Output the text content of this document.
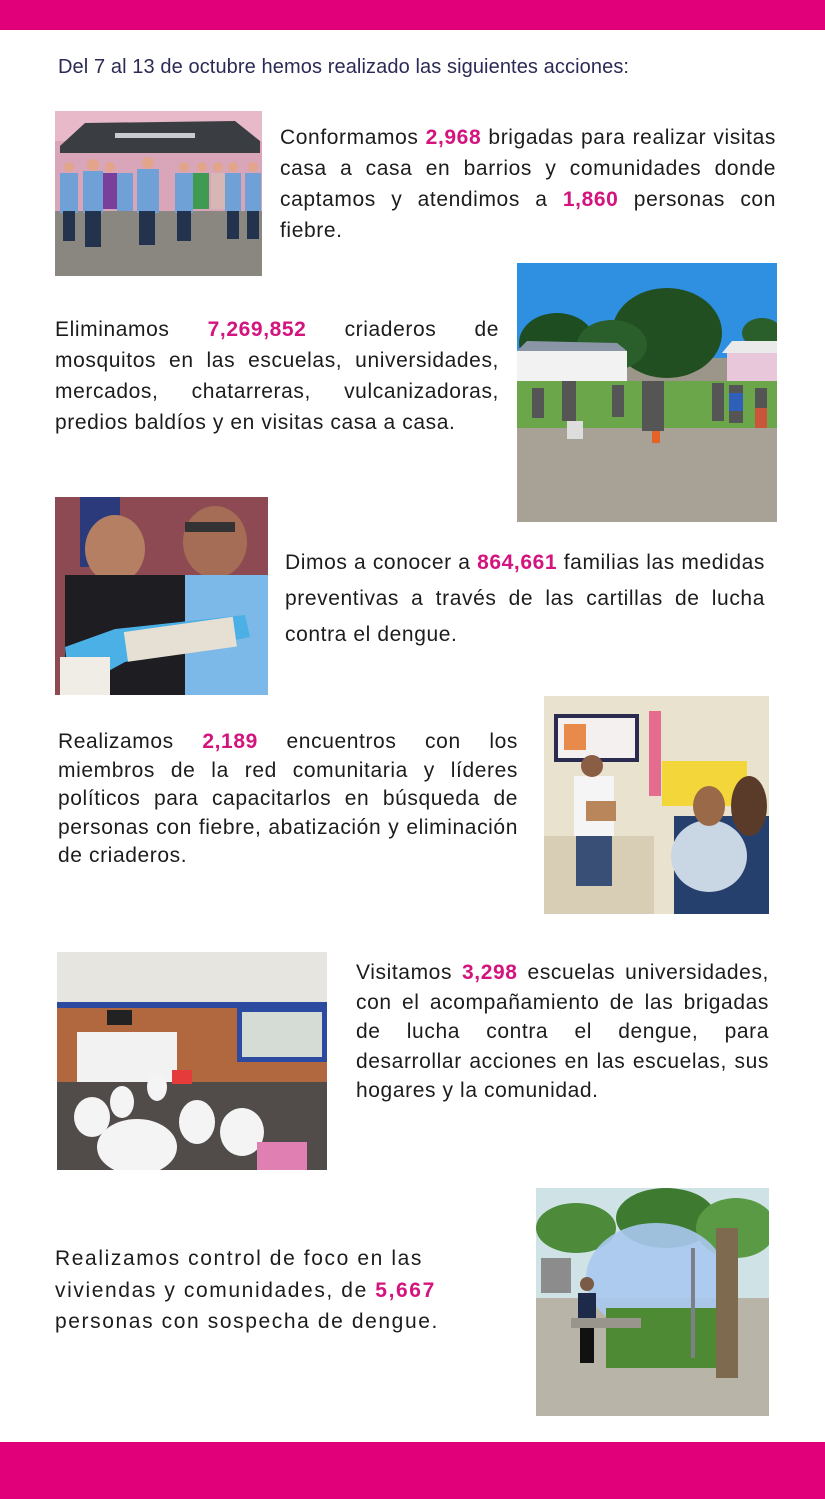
Del 7 al 13 de octubre hemos realizado las siguientes acciones:
Conformamos 2,968 brigadas para realizar visitas casa a casa en barrios y comunidades donde captamos y atendimos a 1,860 personas con fiebre.
Eliminamos 7,269,852 criaderos de mosquitos en las escuelas, universidades, mercados, chatarreras, vulcanizadoras, predios baldíos y en visitas casa a casa.
Dimos a conocer a 864,661 familias las medidas preventivas a través de las cartillas de lucha contra el dengue.
Realizamos 2,189 encuentros con los miembros de la red comunitaria y líderes políticos para capacitarlos en búsqueda de personas con fiebre, abatización y eliminación de criaderos.
Visitamos 3,298 escuelas universidades, con el acompañamiento de las brigadas de lucha contra el dengue, para desarrollar acciones en las escuelas, sus hogares y la comunidad.
Realizamos control de foco en las viviendas y comunidades, de 5,667 personas con sospecha de dengue.
